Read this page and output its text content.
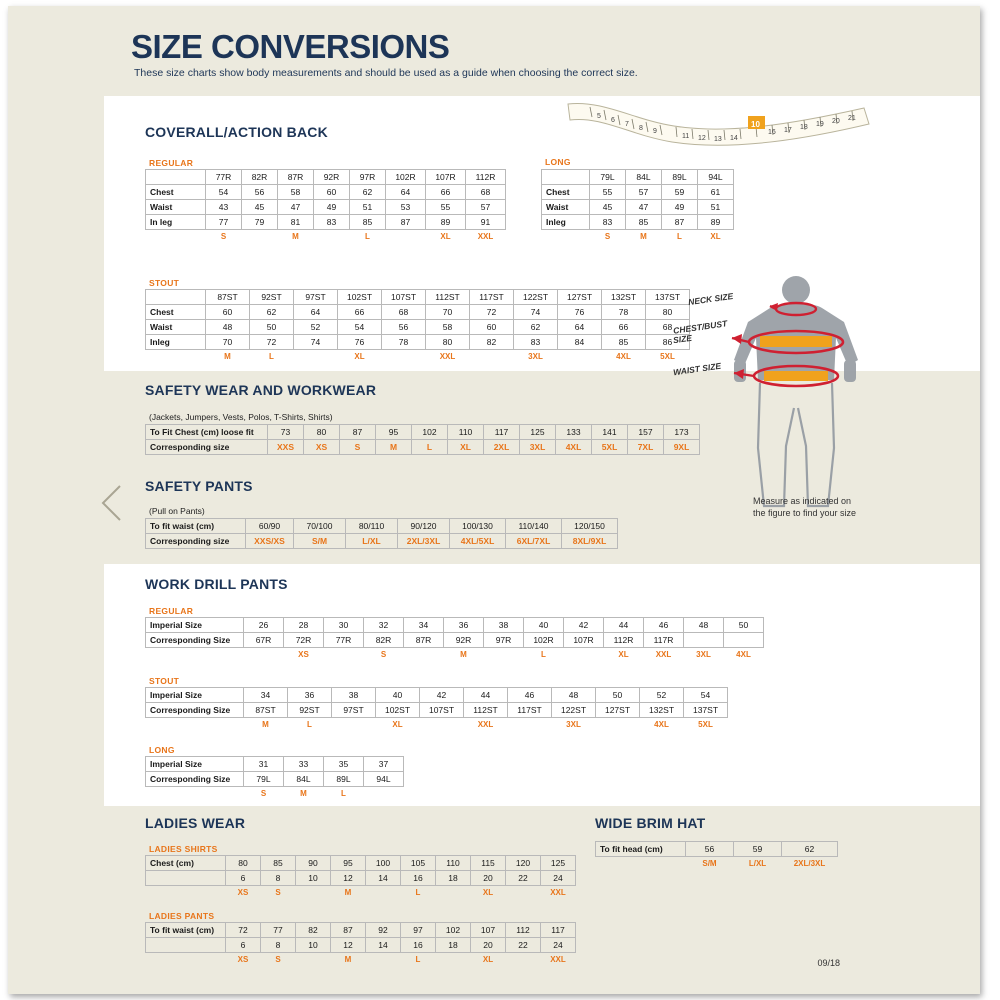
SIZE CONVERSIONS
These size charts show body measurements and should be used as a guide when choosing the correct size.
5
6
7
8 9
11 12 13 14
16 17 18 19 20 21
10
COVERALL/ACTION BACK
REGULAR
	77R	82R	87R	92R	97R	102R	107R	112R
Chest	54	56	58	60	62	64	66	68
Waist	43	45	47	49	51	53	55	57
In leg	77	79	81	83	85	87	89	91
	S		M		L		XL	XXL
LONG
	79L	84L	89L	94L
Chest	55	57	59	61
Waist	45	47	49	51
Inleg	83	85	87	89
	S	M	L	XL
STOUT
	87ST	92ST	97ST	102ST	107ST	112ST	117ST	122ST	127ST	132ST	137ST
Chest	60	62	64	66	68	70	72	74	76	78	80
Waist	48	50	52	54	56	58	60	62	64	66	68
Inleg	70	72	74	76	78	80	82	83	84	85	86
	M	L		XL		XXL		3XL		4XL	5XL
SAFETY WEAR AND WORKWEAR
(Jackets, Jumpers, Vests, Polos, T-Shirts, Shirts)
To Fit Chest (cm) loose fit	73	80	87	95	102	110	117	125	133	141	157	173
Corresponding size	XXS	XS	S	M	L	XL	2XL	3XL	4XL	5XL	7XL	9XL
SAFETY PANTS
(Pull on Pants)
To fit waist (cm)	60/90	70/100	80/110	90/120	100/130	110/140	120/150
Corresponding size	XXS/XS	S/M	L/XL	2XL/3XL	4XL/5XL	6XL/7XL	8XL/9XL
WORK DRILL PANTS
REGULAR
Imperial Size	26	28	30	32	34	36	38	40	42	44	46	48	50
Corresponding Size	67R	72R	77R	82R	87R	92R	97R	102R	107R	112R	117R		
		XS		S		M		L		XL	XXL	3XL	4XL
STOUT
Imperial Size	34	36	38	40	42	44	46	48	50	52	54
Corresponding Size	87ST	92ST	97ST	102ST	107ST	112ST	117ST	122ST	127ST	132ST	137ST
	M	L		XL		XXL		3XL		4XL	5XL
LONG
Imperial Size	31	33	35	37
Corresponding Size	79L	84L	89L	94L
	S	M	L	
LADIES WEAR
LADIES SHIRTS
Chest (cm)	80	85	90	95	100	105	110	115	120	125
	6	8	10	12	14	16	18	20	22	24
	XS	S		M		L		XL		XXL
LADIES PANTS
To fit waist (cm)	72	77	82	87	92	97	102	107	112	117
	6	8	10	12	14	16	18	20	22	24
	XS	S		M		L		XL		XXL
WIDE BRIM HAT
To fit head (cm)	56	59	62
	S/M	L/XL	2XL/3XL
NECK SIZE
CHEST/BUST
SIZE
WAIST SIZE
Measure as indicated on the figure to find your size
09/18
